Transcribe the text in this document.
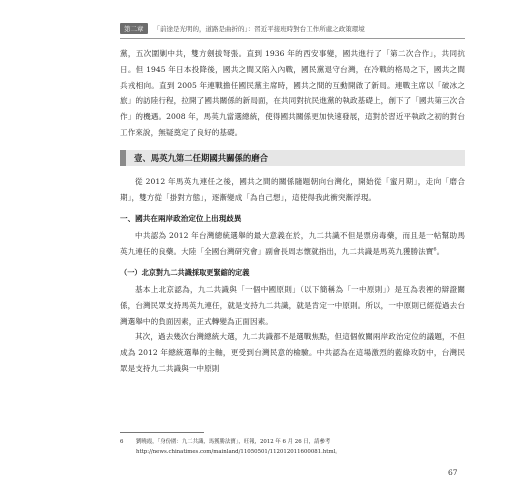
第二章	「前途是光明的，道路是曲折的」：習近平接班時對台工作所處之政策環境

黨，五次圍剿中共，雙方劍拔弩張。直到 1936 年的西安事變，國共進行了「第二次合作」，共同抗日。但 1945 年日本投降後，國共之間又陷入內戰，國民黨退守台灣，在冷戰的格局之下，國共之間兵戎相向。直到 2005 年連戰擔任國民黨主席時，國共之間的互動開啟了新局。連戰主席以「破冰之旅」的訪陸行程，拉開了國共關係的新局面，在共同對抗民進黨的執政基礎上，創下了「國共第三次合作」的機遇。2008 年，馬英九當選總統，使得國共關係更加快速發展，這對於習近平執政之初的對台工作來說，無疑奠定了良好的基礎。

壹、馬英九第二任期國共關係的磨合

從 2012 年馬英九連任之後，國共之間的關係隨題朝向台灣化，開始從「蜜月期」，走向「磨合期」，雙方從「掛對方態」，逐漸變成「為自己想」，這使得我此衝突漸浮現。

一、國共在兩岸政治定位上出現歧異

中共認為 2012 年台灣總統選舉的最大意義在於，九二共識不但是票房毒藥，而且是一帖幫助馬英九連任的良藥。大陸「全國台灣研究會」副會長周志懷就指出，九二共識是馬英九獲勝法寶$^6$。

（一）北京對九二共識採取更緊縮的定義

基本上北京認為，九二共識與「一個中國原則」（以下簡稱為「一中原則」）是互為表裡的辯證關係，台灣民眾支持馬英九連任，就是支持九二共識，就是肯定一中原則。所以，一中原則已經從過去台灣選舉中的負面因素，正式轉變為正面因素。

其次，過去幾次台灣總統大選，九二共識都不是選戰焦點，但這個攸關兩岸政治定位的議題，不但成為 2012 年總統選舉的主軸，更受到台灣民意的檢驗。中共認為在這場激烈的藍綠攻防中，台灣民眾是支持九二共識與一中原則

6	劉曉霞，「身份圍：九二共識，馬獲勝法寶」，旺報，2012 年 6 月 26 日，請參考 http://news.chinatimes.com/mainland/11050501/112012011600081.html。
67
